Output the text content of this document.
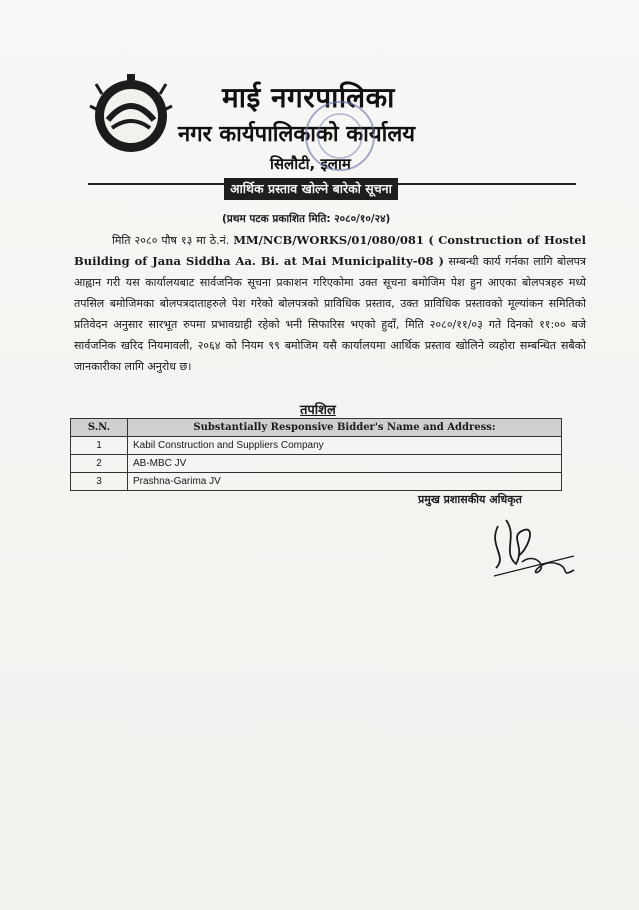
माई नगरपालिका
नगर कार्यपालिकाको कार्यालय
सिलौटी, इलाम
आर्थिक प्रस्ताव खोल्ने बारेको सूचना
(प्रथम पटक प्रकाशित मिति: २०८०/१०/२४)

मिति २०८० पौष १३ मा ठे.नं. MM/NCB/WORKS/01/080/081 ( Construction of Hostel Building of Jana Siddha Aa. Bi. at Mai Municipality-08 ) सम्बन्धी कार्य गर्नका लागि बोलपत्र आह्वान गरी यस कार्यालयबाट सार्वजनिक सूचना प्रकाशन गरिएकोमा उक्त सूचना बमोजिम पेश हुन आएका बोलपत्रहरु मध्ये तपसिल बमोजिमका बोलपत्रदाताहरुले पेश गरेको बोलपत्रको प्राविधिक प्रस्ताव, उक्त प्राविधिक प्रस्तावको मूल्यांकन समितिको प्रतिवेदन अनुसार सारभूत रुपमा प्रभावग्राही रहेको भनी सिफारिस भएको हुदाँ, मिति २०८०/११/०३ गते दिनको ११:०० बजे सार्वजनिक खरिद नियमावली, २०६४ को नियम ९९ बमोजिम यसै कार्यालयमा आर्थिक प्रस्ताव खोलिने व्यहोरा सम्बन्धित सबैको जानकारीका लागि अनुरोध छ।

तपशिल
S.N.	Substantially Responsive Bidder's Name and Address:
1	Kabil Construction and Suppliers Company
2	AB-MBC JV
3	Prashna-Garima JV
प्रमुख प्रशासकीय अधिकृत
